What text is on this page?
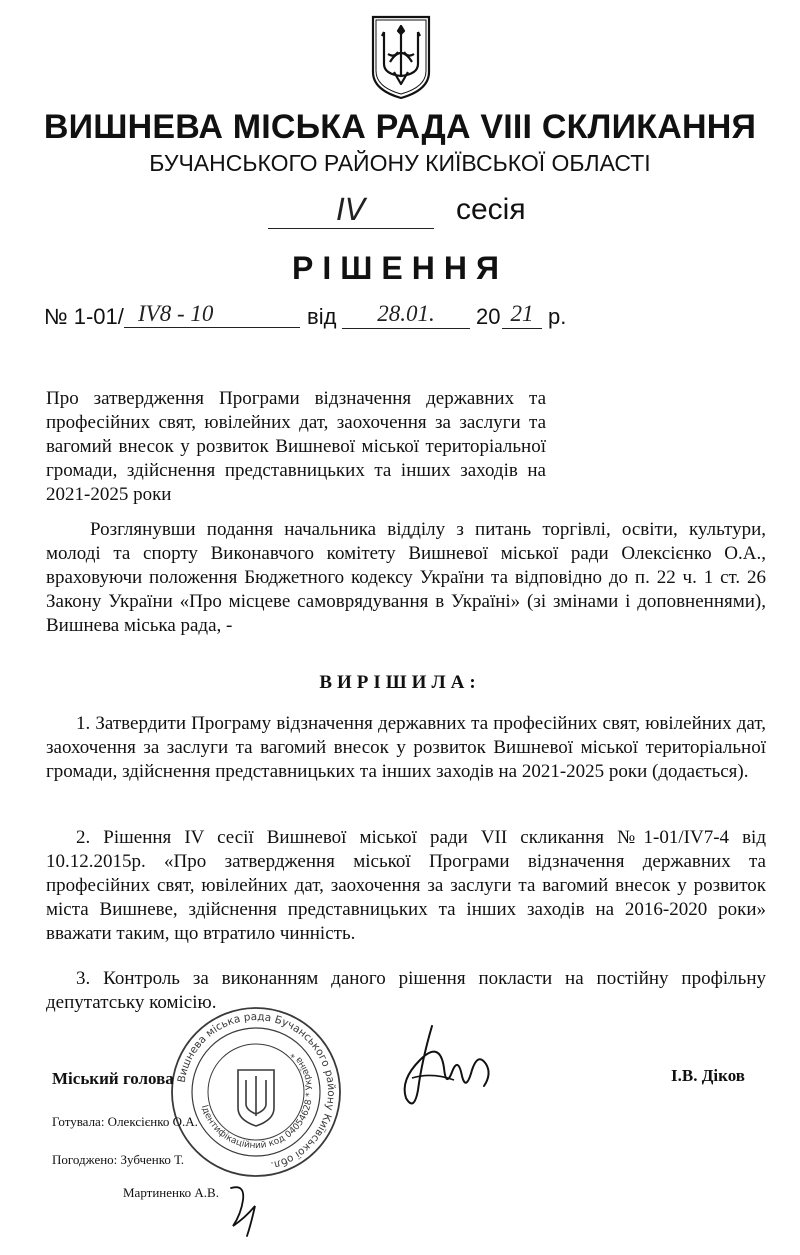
ВИШНЕВА МІСЬКА РАДА VIII СКЛИКАННЯ
БУЧАНСЬКОГО РАЙОНУ КИЇВСЬКОЇ ОБЛАСТІ
IV	сесія
РІШЕННЯ
№ 1-01/ IV8 - 10	від	28.01.	20 21 р.
Про затвердження Програми відзначення державних та професійних свят, ювілейних дат, заохочення за заслуги та вагомий внесок у розвиток Вишневої міської територіальної громади, здійснення представницьких та інших заходів на 2021-2025 роки
Розглянувши подання начальника відділу з питань торгівлі, освіти, культури, молоді та спорту Виконавчого комітету Вишневої міської ради Олексієнко О.А., враховуючи положення Бюджетного кодексу України та відповідно до п. 22 ч. 1 ст. 26 Закону України «Про місцеве самоврядування в Україні» (зі змінами і доповненнями), Вишнева міська рада, -
ВИРІШИЛА:
1. Затвердити Програму відзначення державних та професійних свят, ювілейних дат, заохочення за заслуги та вагомий внесок у розвиток Вишневої міської територіальної громади, здійснення представницьких та інших заходів на 2021-2025 роки (додається).
2. Рішення IV сесії Вишневої міської ради VII скликання №1-01/IV7-4 від 10.12.2015р. «Про затвердження міської Програми відзначення державних та професійних свят, ювілейних дат, заохочення за заслуги та вагомий внесок у розвиток міста Вишневе, здійснення представницьких та інших заходів на 2016-2020 роки» вважати таким, що втратило чинність.
3. Контроль за виконанням даного рішення покласти на постійну профільну депутатську комісію.
Вишнева міська рада Бучанського району Київської обл.
Ідентифікаційний код 04054628 * Україна *
Міський голова	І.В. Діков
Готувала: Олексієнко О.А.
Погоджено: Зубченко Т.
Мартиненко А.В.
